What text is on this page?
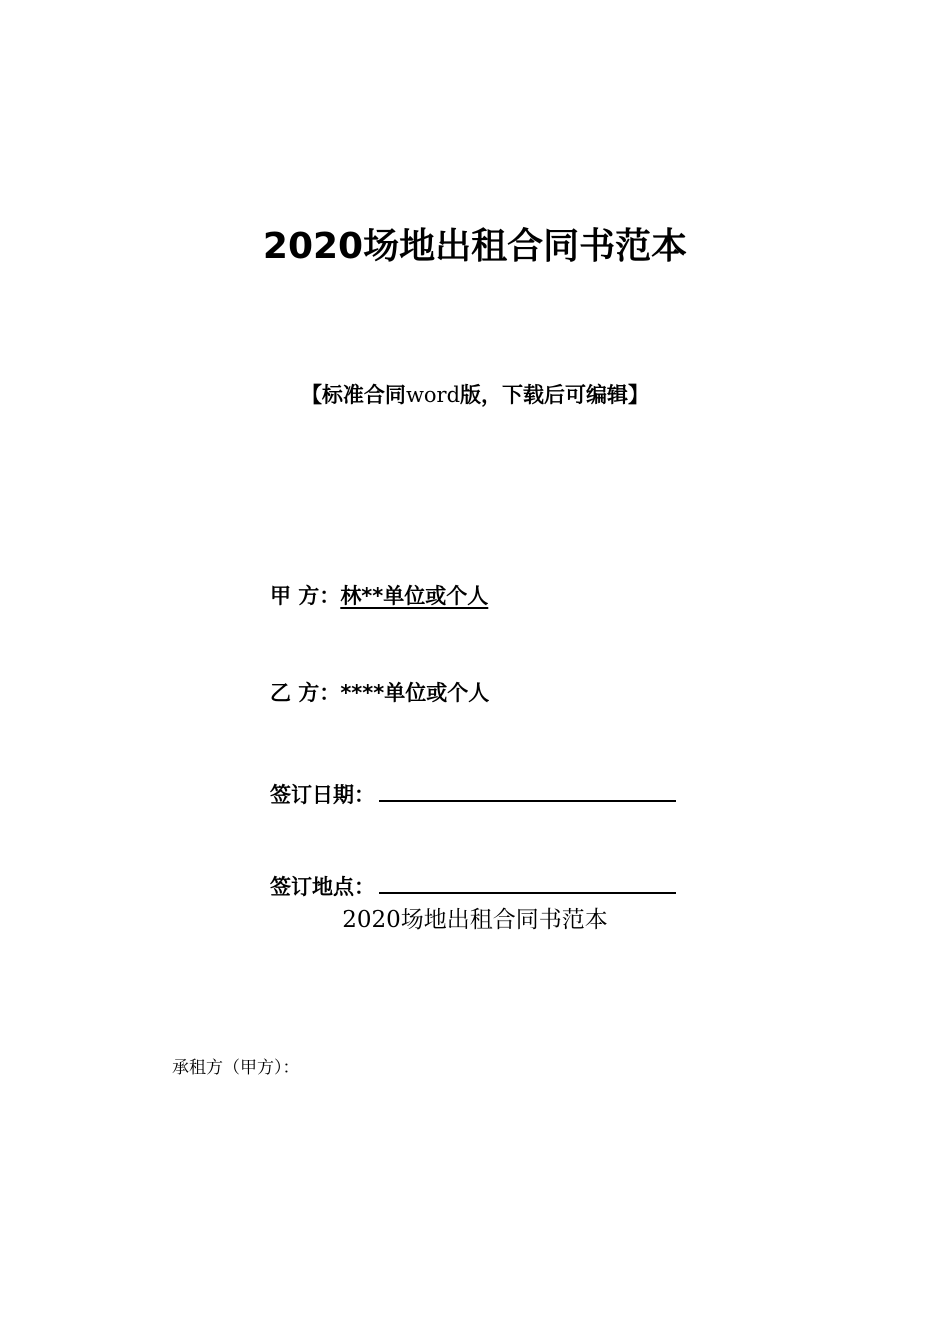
2020场地出租合同书范本
【标准合同word版，下载后可编辑】
甲 方：林**单位或个人
乙 方：****单位或个人
签订日期：
签订地点：
2020场地出租合同书范本
承租方（甲方）：
